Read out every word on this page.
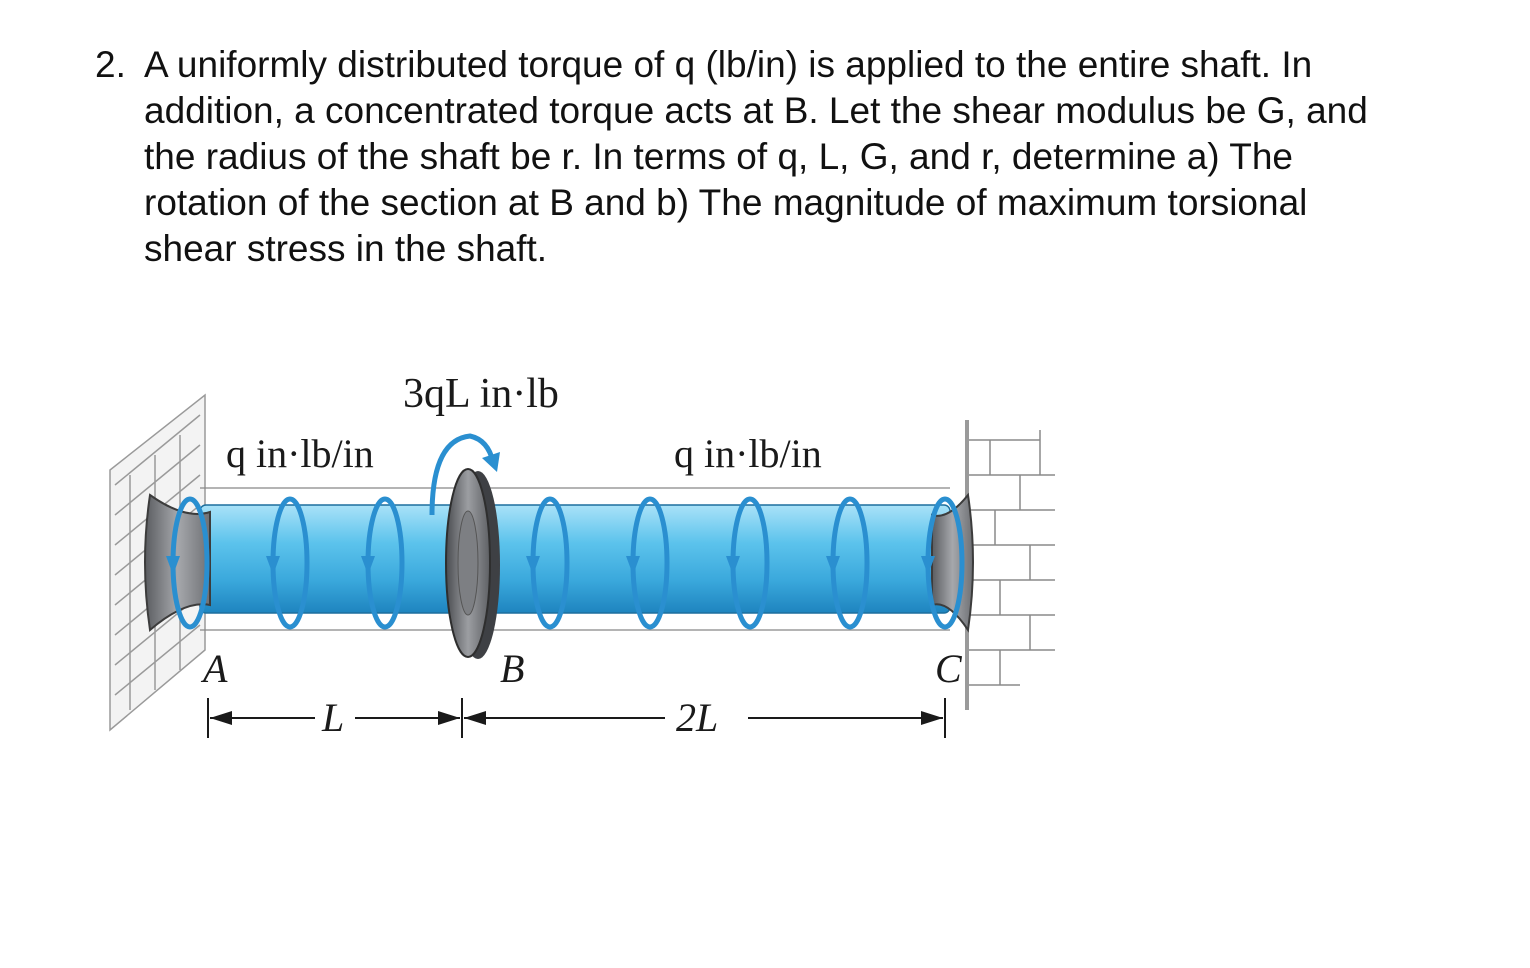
2. A uniformly distributed torque of q (lb/in) is applied to the entire shaft. In
addition, a concentrated torque acts at B. Let the shear modulus be G, and
the radius of the shaft be r. In terms of q, L, G, and r, determine a) The
rotation of the section at B and b) The magnitude of maximum torsional
shear stress in the shaft.
3qL in·lb
q in·lb/in	q in·lb/in
A	B	C
L	2L
